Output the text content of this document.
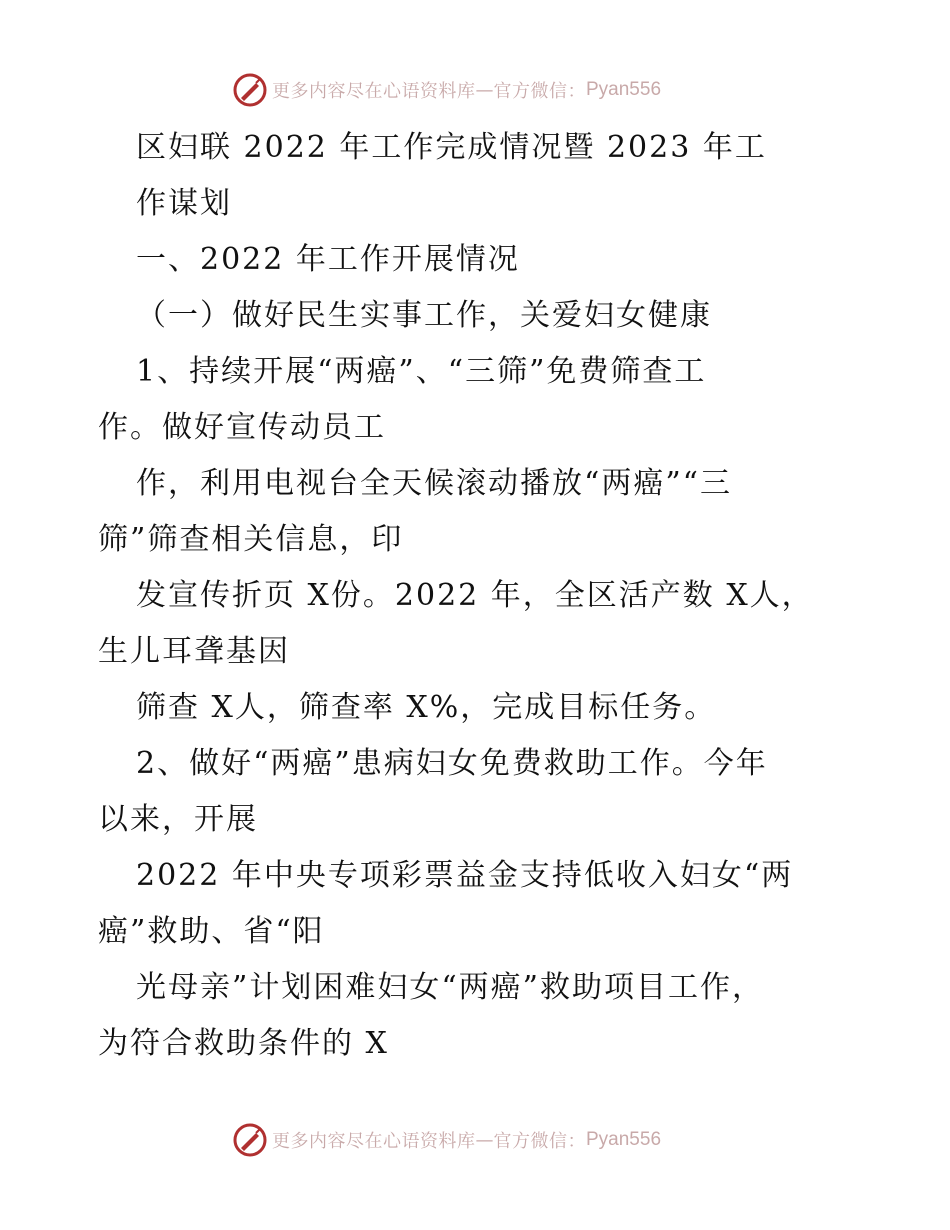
更多内容尽在心语资料库 — 官方微信： Pyan556
区妇联 2022 年工作完成情况暨 2023 年工
作谋划
一、2022 年工作开展情况
（一）做好民生实事工作，关爱妇女健康
1、持续开展“两癌”、“三筛”免费筛查工
作。做好宣传动员工
作，利用电视台全天候滚动播放“两癌”“三
筛”筛查相关信息，印
发宣传折页 X份。2022 年，全区活产数 X人，
生儿耳聋基因
筛查 X人，筛查率 X%，完成目标任务。
2、做好“两癌”患病妇女免费救助工作。今年
以来，开展
2022 年中央专项彩票益金支持低收入妇女“两
癌”救助、省“阳
光母亲”计划困难妇女“两癌”救助项目工作，
为符合救助条件的 X
更多内容尽在心语资料库 — 官方微信： Pyan556
